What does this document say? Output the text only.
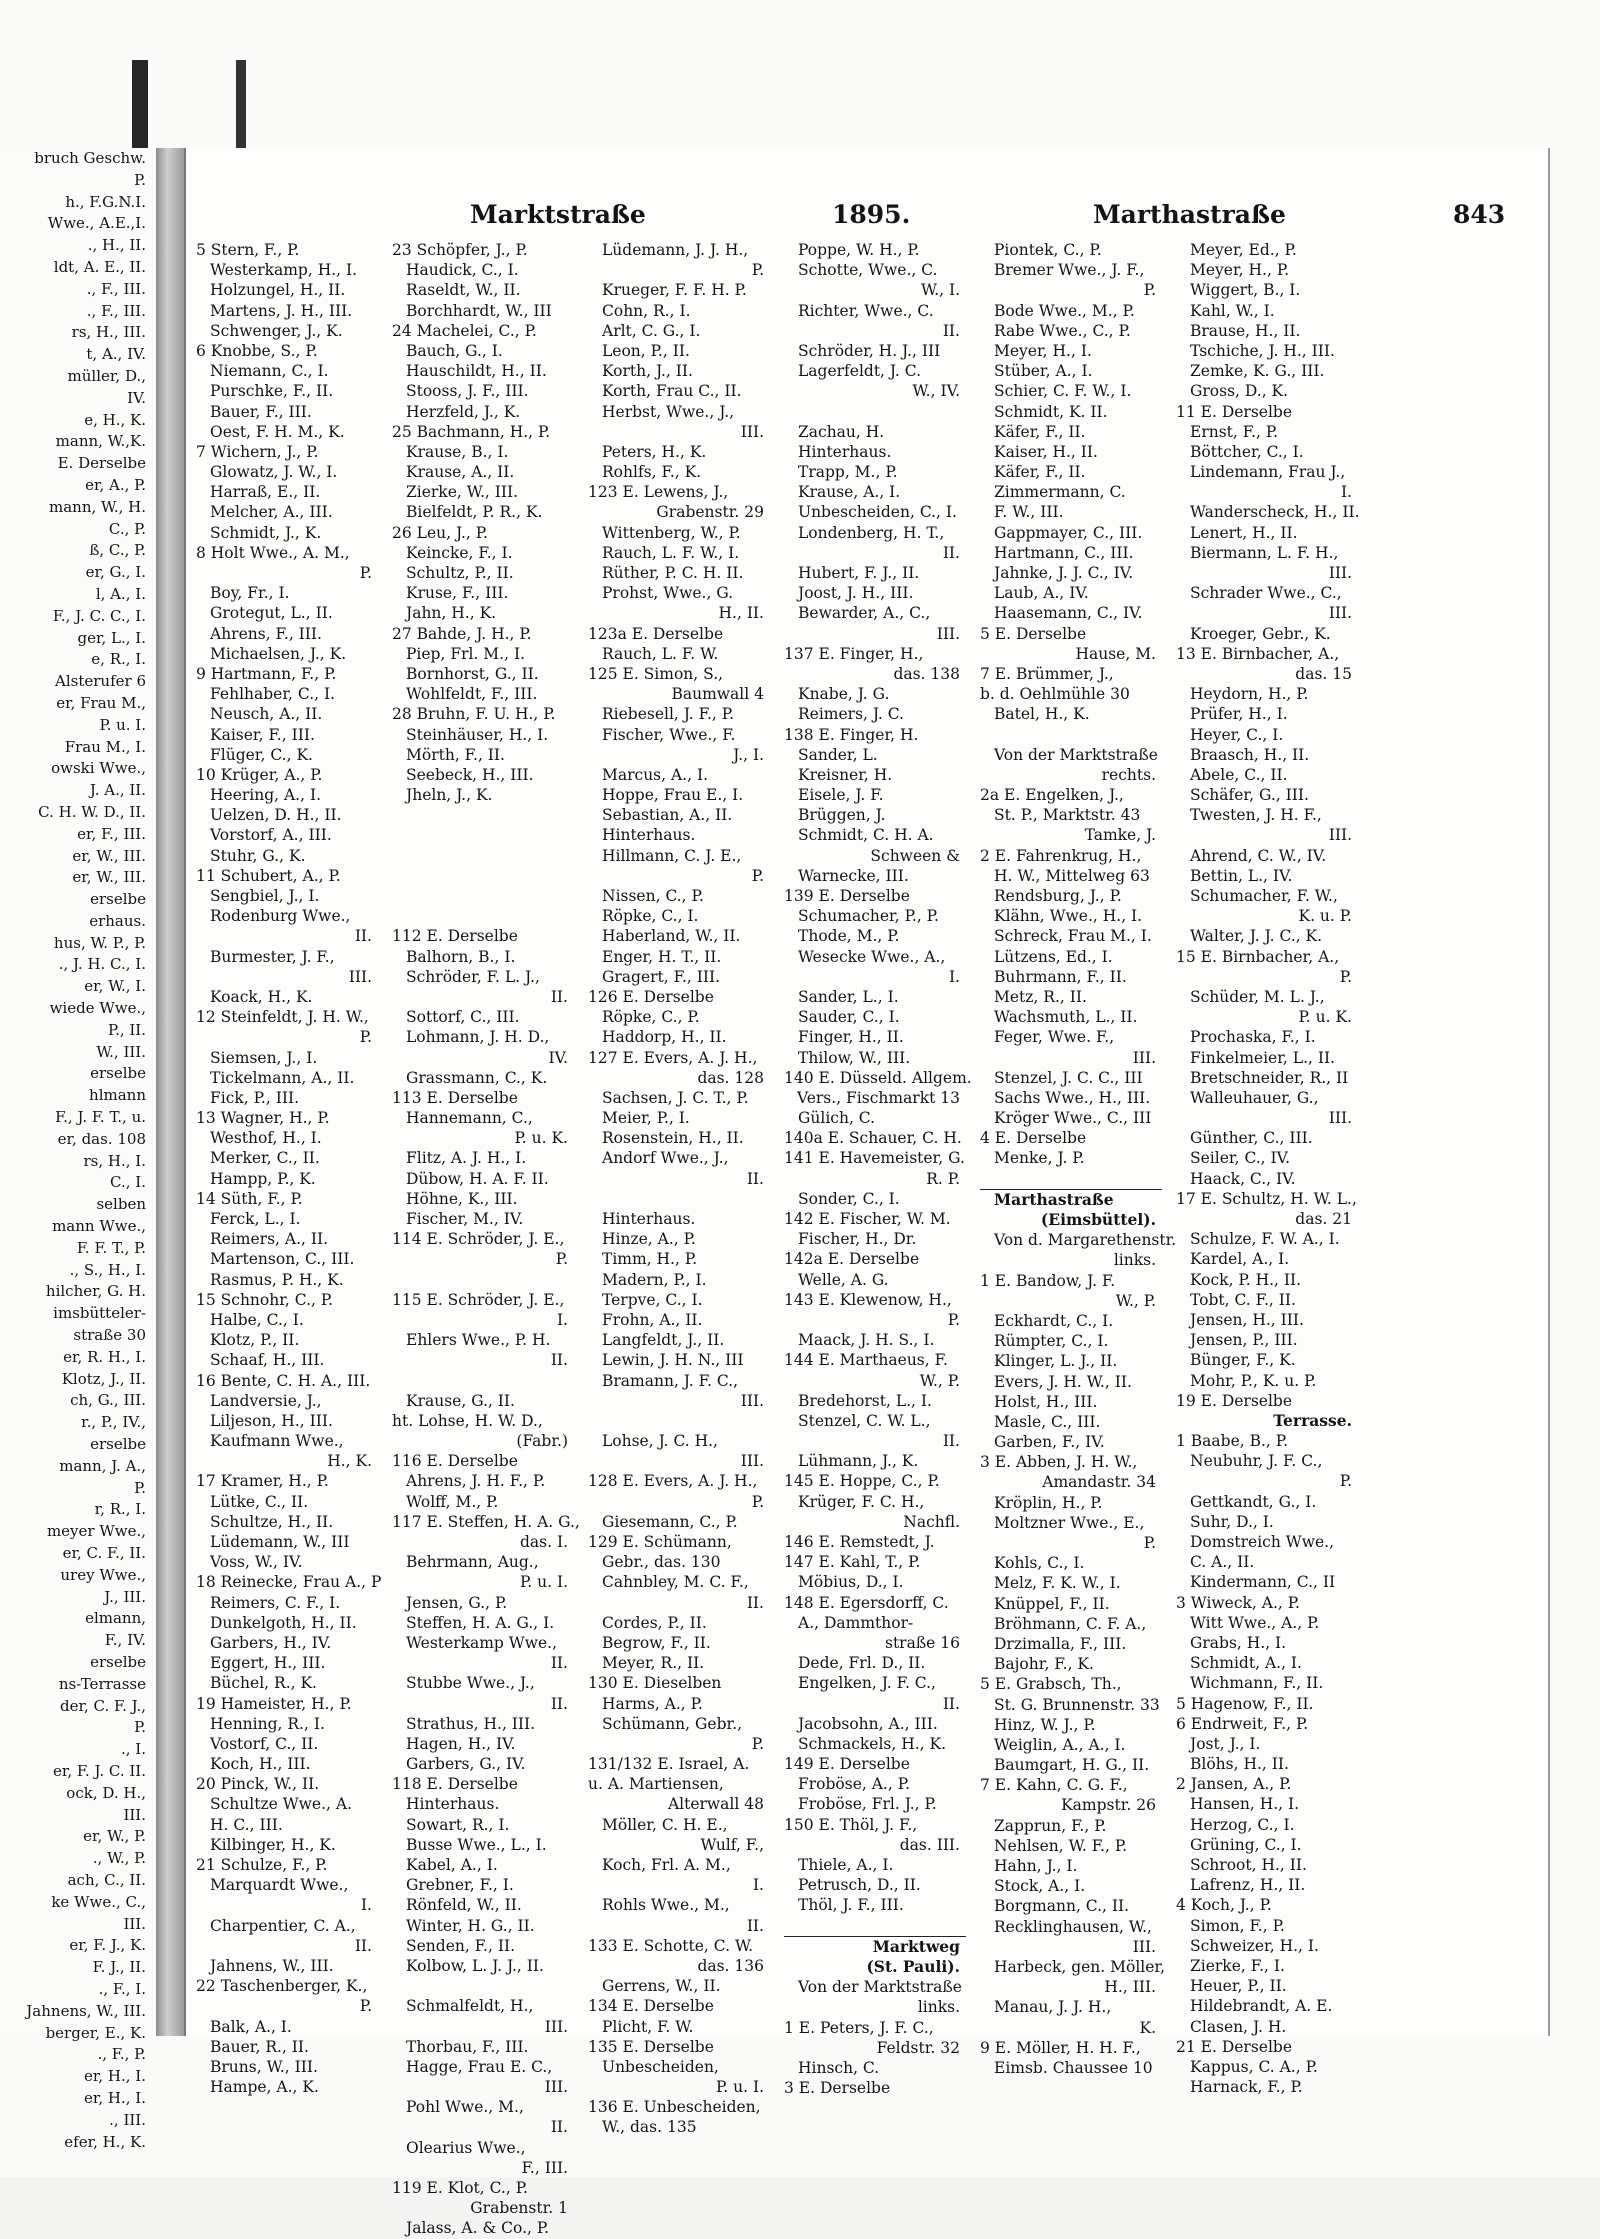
bruch Geschw.
P.
h., F.G.N.I.
Wwe., A.E.,I.
., H., II.
ldt, A. E., II.
., F., III.
., F., III.
rs, H., III.
t, A., IV.
müller, D.,
IV.
e, H., K.
mann, W.,K.
E. Derselbe
er, A., P.
mann, W., H.
C., P.
ß, C., P.
er, G., I.
l, A., I.
F., J. C. C., I.
ger, L., I.
e, R., I.
Alsterufer 6
er, Frau M.,
P. u. I.
Frau M., I.
owski Wwe.,
J. A., II.
C. H. W. D., II.
er, F., III.
er, W., III.
er, W., III.
erselbe
erhaus.
hus, W. P., P.
., J. H. C., I.
er, W., I.
wiede Wwe.,
P., II.
W., III.
erselbe
hlmann
F., J. F. T., u.
er, das. 108
rs, H., I.
C., I.
selben
mann Wwe.,
F. F. T., P.
., S., H., I.
hilcher, G. H.
imsbütteler-
straße 30
er, R. H., I.
Klotz, J., II.
ch, G., III.
r., P., IV.,
erselbe
mann, J. A.,
P.
r, R., I.
meyer Wwe.,
er, C. F., II.
urey Wwe.,
J., III.
elmann,
F., IV.
erselbe
ns-Terrasse
der, C. F. J.,
P.
., I.
er, F. J. C. II.
ock, D. H.,
III.
er, W., P.
., W., P.
ach, C., II.
ke Wwe., C.,
III.
er, F. J., K.
F. J., II.
., F., I.
Jahnens, W., III.
berger, E., K.
., F., P.
er, H., I.
er, H., I.
., III.
efer, H., K.
Marktstraße	1895.	Marthastraße	843
5 Stern, F., P.
Westerkamp, H., I.
Holzungel, H., II.
Martens, J. H., III.
Schwenger, J., K.
6 Knobbe, S., P.
Niemann, C., I.
Purschke, F., II.
Bauer, F., III.
Oest, F. H. M., K.
7 Wichern, J., P.
Glowatz, J. W., I.
Harraß, E., II.
Melcher, A., III.
Schmidt, J., K.
8 Holt Wwe., A. M.,
P.
Boy, Fr., I.
Grotegut, L., II.
Ahrens, F., III.
Michaelsen, J., K.
9 Hartmann, F., P.
Fehlhaber, C., I.
Neusch, A., II.
Kaiser, F., III.
Flüger, C., K.
10 Krüger, A., P.
Heering, A., I.
Uelzen, D. H., II.
Vorstorf, A., III.
Stuhr, G., K.
11 Schubert, A., P.
Sengbiel, J., I.
Rodenburg Wwe.,
II.
Burmester, J. F.,
III.
Koack, H., K.
12 Steinfeldt, J. H. W.,
P.
Siemsen, J., I.
Tickelmann, A., II.
Fick, P., III.
13 Wagner, H., P.
Westhof, H., I.
Merker, C., II.
Hampp, P., K.
14 Süth, F., P.
Ferck, L., I.
Reimers, A., II.
Martenson, C., III.
Rasmus, P. H., K.
15 Schnohr, C., P.
Halbe, C., I.
Klotz, P., II.
Schaaf, H., III.
16 Bente, C. H. A., III.
Landversie, J.,
Liljeson, H., III.
Kaufmann Wwe.,
H., K.
17 Kramer, H., P.
Lütke, C., II.
Schultze, H., II.
Lüdemann, W., III
Voss, W., IV.
18 Reinecke, Frau A., P
Reimers, C. F., I.
Dunkelgoth, H., II.
Garbers, H., IV.
Eggert, H., III.
Büchel, R., K.
19 Hameister, H., P.
Henning, R., I.
Vostorf, C., II.
Koch, H., III.
20 Pinck, W., II.
Schultze Wwe., A.
H. C., III.
Kilbinger, H., K.
21 Schulze, F., P.
Marquardt Wwe.,
I.
Charpentier, C. A.,
II.
Jahnens, W., III.
22 Taschenberger, K.,
P.
Balk, A., I.
Bauer, R., II.
Bruns, W., III.
Hampe, A., K.
23 Schöpfer, J., P.
Haudick, C., I.
Raseldt, W., II.
Borchhardt, W., III
24 Machelei, C., P.
Bauch, G., I.
Hauschildt, H., II.
Stooss, J. F., III.
Herzfeld, J., K.
25 Bachmann, H., P.
Krause, B., I.
Krause, A., II.
Zierke, W., III.
Bielfeldt, P. R., K.
26 Leu, J., P.
Keincke, F., I.
Schultz, P., II.
Kruse, F., III.
Jahn, H., K.
27 Bahde, J. H., P.
Piep, Frl. M., I.
Bornhorst, G., II.
Wohlfeldt, F., III.
28 Bruhn, F. U. H., P.
Steinhäuser, H., I.
Mörth, F., II.
Seebeck, H., III.
Jheln, J., K.
112 E. Derselbe
Balhorn, B., I.
Schröder, F. L. J.,
II.
Sottorf, C., III.
Lohmann, J. H. D.,
IV.
Grassmann, C., K.
113 E. Derselbe
Hannemann, C.,
P. u. K.
Flitz, A. J. H., I.
Dübow, H. A. F. II.
Höhne, K., III.
Fischer, M., IV.
114 E. Schröder, J. E.,
P.
115 E. Schröder, J. E.,
I.
Ehlers Wwe., P. H.
II.
Krause, G., II.
ht. Lohse, H. W. D.,
(Fabr.)
116 E. Derselbe
Ahrens, J. H. F., P.
Wolff, M., P.
117 E. Steffen, H. A. G.,
das. I.
Behrmann, Aug.,
P. u. I.
Jensen, G., P.
Steffen, H. A. G., I.
Westerkamp Wwe.,
II.
Stubbe Wwe., J.,
II.
Strathus, H., III.
Hagen, H., IV.
Garbers, G., IV.
118 E. Derselbe
Hinterhaus.
Sowart, R., I.
Busse Wwe., L., I.
Kabel, A., I.
Grebner, F., I.
Rönfeld, W., II.
Winter, H. G., II.
Senden, F., II.
Kolbow, L. J. J., II.
Schmalfeldt, H.,
III.
Thorbau, F., III.
Hagge, Frau E. C.,
III.
Pohl Wwe., M.,
II.
Olearius Wwe.,
F., III.
119 E. Klot, C., P.
Grabenstr. 1
Jalass, A. & Co., P.
Lüdemann, J. J. H.,
P.
Krueger, F. F. H. P.
Cohn, R., I.
Arlt, C. G., I.
Leon, P., II.
Korth, J., II.
Korth, Frau C., II.
Herbst, Wwe., J.,
III.
Peters, H., K.
Rohlfs, F., K.
123 E. Lewens, J.,
Grabenstr. 29
Wittenberg, W., P.
Rauch, L. F. W., I.
Rüther, P. C. H. II.
Prohst, Wwe., G.
H., II.
123a E. Derselbe
Rauch, L. F. W.
125 E. Simon, S.,
Baumwall 4
Riebesell, J. F., P.
Fischer, Wwe., F.
J., I.
Marcus, A., I.
Hoppe, Frau E., I.
Sebastian, A., II.
Hinterhaus.
Hillmann, C. J. E.,
P.
Nissen, C., P.
Röpke, C., I.
Haberland, W., II.
Enger, H. T., II.
Gragert, F., III.
126 E. Derselbe
Röpke, C., P.
Haddorp, H., II.
127 E. Evers, A. J. H.,
das. 128
Sachsen, J. C. T., P.
Meier, P., I.
Rosenstein, H., II.
Andorf Wwe., J.,
II.
Hinterhaus.
Hinze, A., P.
Timm, H., P.
Madern, P., I.
Terpve, C., I.
Frohn, A., II.
Langfeldt, J., II.
Lewin, J. H. N., III
Bramann, J. F. C.,
III.
Lohse, J. C. H.,
III.
128 E. Evers, A. J. H.,
P.
Giesemann, C., P.
129 E. Schümann,
Gebr., das. 130
Cahnbley, M. C. F.,
II.
Cordes, P., II.
Begrow, F., II.
Meyer, R., II.
130 E. Dieselben
Harms, A., P.
Schümann, Gebr.,
P.
131/132 E. Israel, A.
u. A. Martiensen,
Alterwall 48
Möller, C. H. E.,
Wulf, F.,
Koch, Frl. A. M.,
I.
Rohls Wwe., M.,
II.
133 E. Schotte, C. W.
das. 136
Gerrens, W., II.
134 E. Derselbe
Plicht, F. W.
135 E. Derselbe
Unbescheiden,
P. u. I.
136 E. Unbescheiden,
W., das. 135
Poppe, W. H., P.
Schotte, Wwe., C.
W., I.
Richter, Wwe., C.
II.
Schröder, H. J., III
Lagerfeldt, J. C.
W., IV.
Zachau, H.
Hinterhaus.
Trapp, M., P.
Krause, A., I.
Unbescheiden, C., I.
Londenberg, H. T.,
II.
Hubert, F. J., II.
Joost, J. H., III.
Bewarder, A., C.,
III.
137 E. Finger, H.,
das. 138
Knabe, J. G.
Reimers, J. C.
138 E. Finger, H.
Sander, L.
Kreisner, H.
Eisele, J. F.
Brüggen, J.
Schmidt, C. H. A.
Schween &
Warnecke, III.
139 E. Derselbe
Schumacher, P., P.
Thode, M., P.
Wesecke Wwe., A.,
I.
Sander, L., I.
Sauder, C., I.
Finger, H., II.
Thilow, W., III.
140 E. Düsseld. Allgem.
Vers., Fischmarkt 13
Gülich, C.
140a E. Schauer, C. H.
141 E. Havemeister, G.
R. P.
Sonder, C., I.
142 E. Fischer, W. M.
Fischer, H., Dr.
142a E. Derselbe
Welle, A. G.
143 E. Klewenow, H.,
P.
Maack, J. H. S., I.
144 E. Marthaeus, F.
W., P.
Bredehorst, L., I.
Stenzel, C. W. L.,
II.
Lühmann, J., K.
145 E. Hoppe, C., P.
Krüger, F. C. H.,
Nachfl.
146 E. Remstedt, J.
147 E. Kahl, T., P.
Möbius, D., I.
148 E. Egersdorff, C.
A., Dammthor-
straße 16
Dede, Frl. D., II.
Engelken, J. F. C.,
II.
Jacobsohn, A., III.
Schmackels, H., K.
149 E. Derselbe
Froböse, A., P.
Froböse, Frl. J., P.
150 E. Thöl, J. F.,
das. III.
Thiele, A., I.
Petrusch, D., II.
Thöl, J. F., III.
Marktweg
(St. Pauli).
Von der Marktstraße
links.
1 E. Peters, J. F. C.,
Feldstr. 32
Hinsch, C.
3 E. Derselbe
Piontek, C., P.
Bremer Wwe., J. F.,
P.
Bode Wwe., M., P.
Rabe Wwe., C., P.
Meyer, H., I.
Stüber, A., I.
Schier, C. F. W., I.
Schmidt, K. II.
Käfer, F., II.
Kaiser, H., II.
Käfer, F., II.
Zimmermann, C.
F. W., III.
Gappmayer, C., III.
Hartmann, C., III.
Jahnke, J. J. C., IV.
Laub, A., IV.
Haasemann, C., IV.
5 E. Derselbe
Hause, M.
7 E. Brümmer, J.,
b. d. Oehlmühle 30
Batel, H., K.
Von der Marktstraße
rechts.
2a E. Engelken, J.,
St. P., Marktstr. 43
Tamke, J.
2 E. Fahrenkrug, H.,
H. W., Mittelweg 63
Rendsburg, J., P.
Klähn, Wwe., H., I.
Schreck, Frau M., I.
Lützens, Ed., I.
Buhrmann, F., II.
Metz, R., II.
Wachsmuth, L., II.
Feger, Wwe. F.,
III.
Stenzel, J. C. C., III
Sachs Wwe., H., III.
Kröger Wwe., C., III
4 E. Derselbe
Menke, J. P.
Marthastraße
(Eimsbüttel).
Von d. Margarethenstr.
links.
1 E. Bandow, J. F.
W., P.
Eckhardt, C., I.
Rümpter, C., I.
Klinger, L. J., II.
Evers, J. H. W., II.
Holst, H., III.
Masle, C., III.
Garben, F., IV.
3 E. Abben, J. H. W.,
Amandastr. 34
Kröplin, H., P.
Moltzner Wwe., E.,
P.
Kohls, C., I.
Melz, F. K. W., I.
Knüppel, F., II.
Bröhmann, C. F. A.,
Drzimalla, F., III.
Bajohr, F., K.
5 E. Grabsch, Th.,
St. G. Brunnenstr. 33
Hinz, W. J., P.
Weiglin, A., A., I.
Baumgart, H. G., II.
7 E. Kahn, C. G. F.,
Kampstr. 26
Zapprun, F., P.
Nehlsen, W. F., P.
Hahn, J., I.
Stock, A., I.
Borgmann, C., II.
Recklinghausen, W.,
III.
Harbeck, gen. Möller,
H., III.
Manau, J. J. H.,
K.
9 E. Möller, H. H. F.,
Eimsb. Chaussee 10
Meyer, Ed., P.
Meyer, H., P.
Wiggert, B., I.
Kahl, W., I.
Brause, H., II.
Tschiche, J. H., III.
Zemke, K. G., III.
Gross, D., K.
11 E. Derselbe
Ernst, F., P.
Böttcher, C., I.
Lindemann, Frau J.,
I.
Wanderscheck, H., II.
Lenert, H., II.
Biermann, L. F. H.,
III.
Schrader Wwe., C.,
III.
Kroeger, Gebr., K.
13 E. Birnbacher, A.,
das. 15
Heydorn, H., P.
Prüfer, H., I.
Heyer, C., I.
Braasch, H., II.
Abele, C., II.
Schäfer, G., III.
Twesten, J. H. F.,
III.
Ahrend, C. W., IV.
Bettin, L., IV.
Schumacher, F. W.,
K. u. P.
Walter, J. J. C., K.
15 E. Birnbacher, A.,
P.
Schüder, M. L. J.,
P. u. K.
Prochaska, F., I.
Finkelmeier, L., II.
Bretschneider, R., II
Walleuhauer, G.,
III.
Günther, C., III.
Seiler, C., IV.
Haack, C., IV.
17 E. Schultz, H. W. L.,
das. 21
Schulze, F. W. A., I.
Kardel, A., I.
Kock, P. H., II.
Tobt, C. F., II.
Jensen, H., III.
Jensen, P., III.
Bünger, F., K.
Mohr, P., K. u. P.
19 E. Derselbe
Terrasse.
1 Baabe, B., P.
Neubuhr, J. F. C.,
P.
Gettkandt, G., I.
Suhr, D., I.
Domstreich Wwe.,
C. A., II.
Kindermann, C., II
3 Wiweck, A., P.
Witt Wwe., A., P.
Grabs, H., I.
Schmidt, A., I.
Wichmann, F., II.
5 Hagenow, F., II.
6 Endrweit, F., P.
Jost, J., I.
Blöhs, H., II.
2 Jansen, A., P.
Hansen, H., I.
Herzog, C., I.
Grüning, C., I.
Schroot, H., II.
Lafrenz, H., II.
4 Koch, J., P.
Simon, F., P.
Schweizer, H., I.
Zierke, F., I.
Heuer, P., II.
Hildebrandt, A. E.
Clasen, J. H.
21 E. Derselbe
Kappus, C. A., P.
Harnack, F., P.
